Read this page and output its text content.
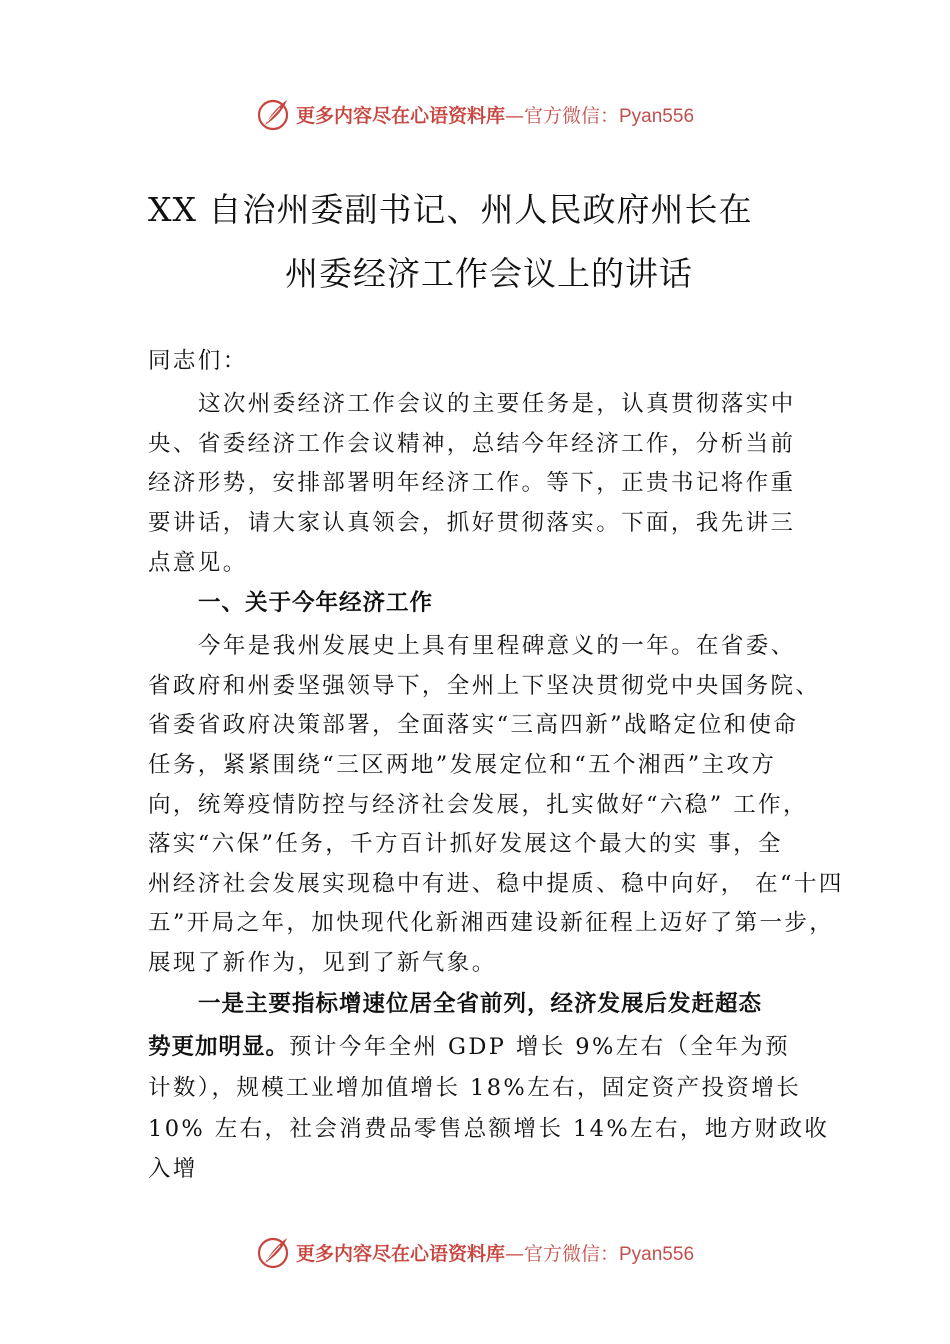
更多内容尽在心语资料库—官方微信：Pyan556
XX 自治州委副书记、州人民政府州长在
州委经济工作会议上的讲话
同志们：
这次州委经济工作会议的主要任务是，认真贯彻落实中
央、省委经济工作会议精神，总结今年经济工作，分析当前
经济形势，安排部署明年经济工作。等下，正贵书记将作重
要讲话，请大家认真领会，抓好贯彻落实。下面，我先讲三
点意见。
一、关于今年经济工作
今年是我州发展史上具有里程碑意义的一年。在省委、
省政府和州委坚强领导下，全州上下坚决贯彻党中央国务院、
省委省政府决策部署，全面落实“三高四新”战略定位和使命
任务，紧紧围绕“三区两地”发展定位和“五个湘西”主攻方
向，统筹疫情防控与经济社会发展，扎实做好“六稳” 工作，
落实“六保”任务，千方百计抓好发展这个最大的实 事，全
州经济社会发展实现稳中有进、稳中提质、稳中向好， 在“十四
五”开局之年，加快现代化新湘西建设新征程上迈好了第一步，
展现了新作为，见到了新气象。
一是主要指标增速位居全省前列，经济发展后发赶超态
势更加明显。预计今年全州 GDP 增长 9%左右（全年为预
计数），规模工业增加值增长 18%左右，固定资产投资增长
10% 左右，社会消费品零售总额增长 14%左右，地方财政收
入增
更多内容尽在心语资料库—官方微信：Pyan556
